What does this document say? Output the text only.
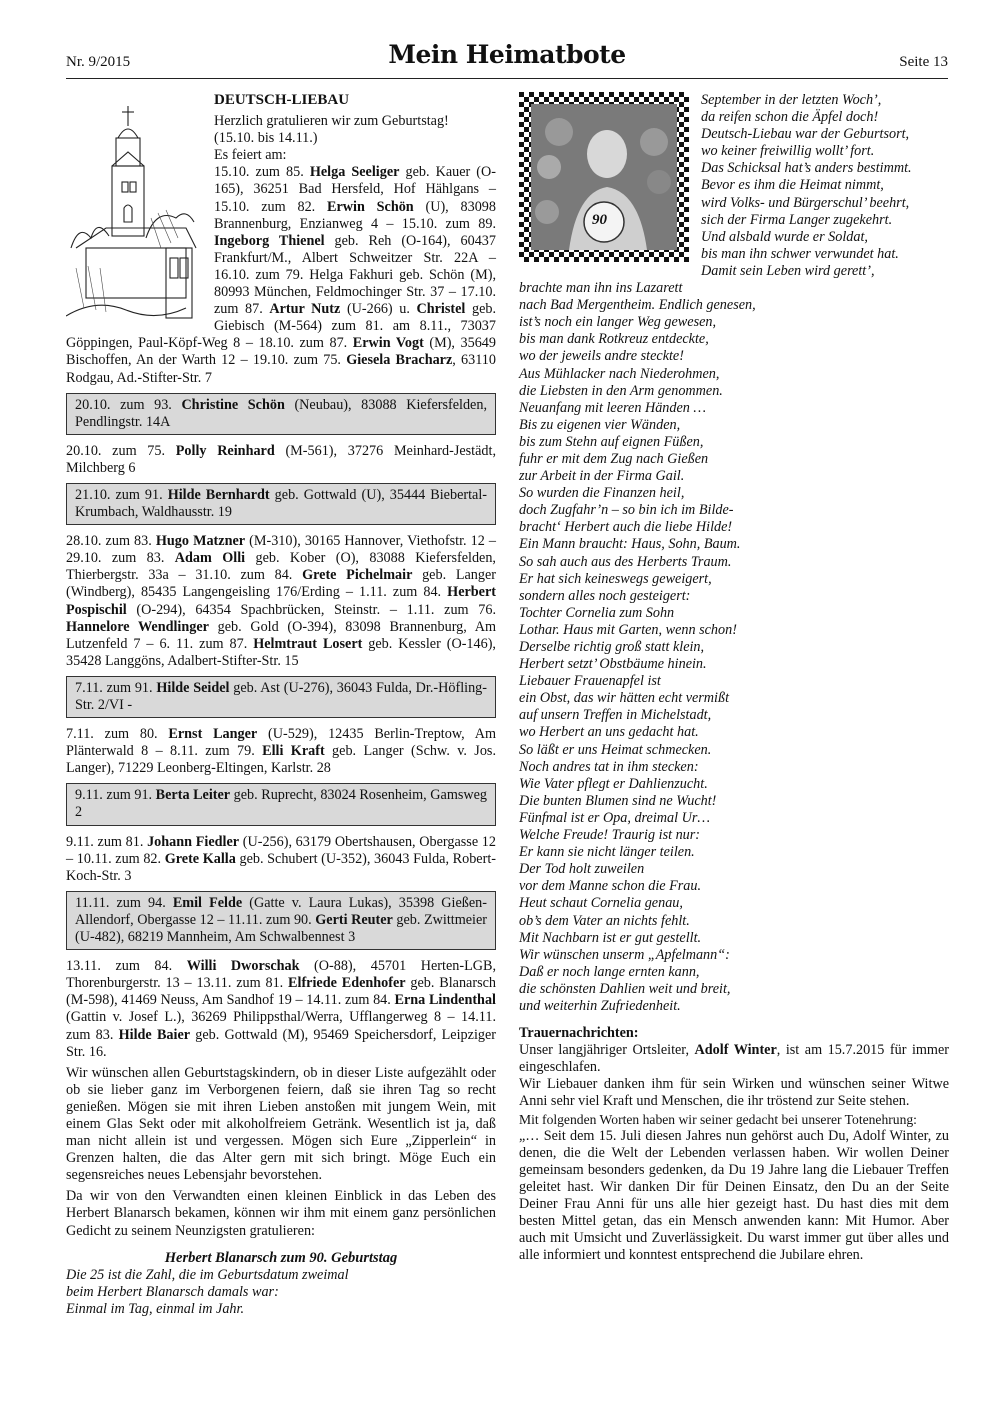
Nr. 9/2015	Mein Heimatbote	Seite 13
DEUTSCH-LIEBAU
Herzlich gratulieren wir zum Geburtstag!
(15.10. bis 14.11.)
Es feiert am:
15.10. zum 85. Helga Seeliger geb. Kauer (O-165), 36251 Bad Hersfeld, Hof Hählgans – 15.10. zum 82. Erwin Schön (U), 83098 Brannenburg, Enzianweg 4 – 15.10. zum 89. Ingeborg Thienel geb. Reh (O-164), 60437 Frankfurt/M., Albert Schweitzer Str. 22A – 16.10. zum 79. Helga Fakhuri geb. Schön (M), 80993 München, Feldmochinger Str. 37 – 17.10. zum 87. Artur Nutz (U-266) u. Christel geb. Giebisch (M-564) zum 81. am 8.11., 73037 Göppingen, Paul-Köpf-Weg 8 – 18.10. zum 87. Erwin Vogt (M), 35649 Bischoffen, An der Warth 12 – 19.10. zum 75. Giesela Bracharz, 63110 Rodgau, Ad.-Stifter-Str. 7
20.10. zum 93. Christine Schön (Neubau), 83088 Kiefersfelden, Pendlingstr. 14A
20.10. zum 75. Polly Reinhard (M-561), 37276 Meinhard-Jestädt, Milchberg 6
21.10. zum 91. Hilde Bernhardt geb. Gottwald (U), 35444 Biebertal-Krumbach, Waldhausstr. 19
28.10. zum 83. Hugo Matzner (M-310), 30165 Hannover, Viethofstr. 12 – 29.10. zum 83. Adam Olli geb. Kober (O), 83088 Kiefersfelden, Thierbergstr. 33a – 31.10. zum 84. Grete Pichelmair geb. Langer (Windberg), 85435 Langengeisling 176/Erding – 1.11. zum 84. Herbert Pospischil (O-294), 64354 Spachbrücken, Steinstr. – 1.11. zum 76. Hannelore Wendlinger geb. Gold (O-394), 83098 Brannenburg, Am Lutzenfeld 7 – 6. 11. zum 87. Helmtraut Losert geb. Kessler (O-146), 35428 Langgöns, Adalbert-Stifter-Str. 15
7.11. zum 91. Hilde Seidel geb. Ast (U-276), 36043 Fulda, Dr.-Höfling-Str. 2/VI -
7.11. zum 80. Ernst Langer (U-529), 12435 Berlin-Treptow, Am Plänterwald 8 – 8.11. zum 79. Elli Kraft geb. Langer (Schw. v. Jos. Langer), 71229 Leonberg-Eltingen, Karlstr. 28
9.11. zum 91. Berta Leiter geb. Ruprecht, 83024 Rosenheim, Gamsweg 2
9.11. zum 81. Johann Fiedler (U-256), 63179 Obertshausen, Obergasse 12 – 10.11. zum 82. Grete Kalla geb. Schubert (U-352), 36043 Fulda, Robert-Koch-Str. 3
11.11. zum 94. Emil Felde (Gatte v. Laura Lukas), 35398 Gießen-Allendorf, Obergasse 12 – 11.11. zum 90. Gerti Reuter geb. Zwittmeier (U-482), 68219 Mannheim, Am Schwalbennest 3
13.11. zum 84. Willi Dworschak (O-88), 45701 Herten-LGB, Thorenburgerstr. 13 – 13.11. zum 81. Elfriede Edenhofer geb. Blanarsch (M-598), 41469 Neuss, Am Sandhof 19 – 14.11. zum 84. Erna Lindenthal (Gattin v. Josef L.), 36269 Philippsthal/Werra, Ufflangerweg 8 – 14.11. zum 83. Hilde Baier geb. Gottwald (M), 95469 Speichersdorf, Leipziger Str. 16.
Wir wünschen allen Geburtstagskindern, ob in dieser Liste aufgezählt oder ob sie lieber ganz im Verborgenen feiern, daß sie ihren Tag so recht genießen. Mögen sie mit ihren Lieben anstoßen mit jungem Wein, mit einem Glas Sekt oder mit alkoholfreiem Getränk. Wesentlich ist ja, daß man nicht allein ist und vergessen. Mögen sich Eure „Zipperlein“ in Grenzen halten, die das Alter gern mit sich bringt. Möge Euch ein segensreiches neues Lebensjahr bevorstehen.
Da wir von den Verwandten einen kleinen Einblick in das Leben des Herbert Blanarsch bekamen, können wir ihm mit einem ganz persönlichen Gedicht zu seinem Neunzigsten gratulieren:
Herbert Blanarsch zum 90. Geburtstag
Die 25 ist die Zahl, die im Geburtsdatum zweimal
beim Herbert Blanarsch damals war:
Einmal im Tag, einmal im Jahr.
90
September in der letzten Woch’,
da reifen schon die Äpfel doch!
Deutsch-Liebau war der Geburtsort,
wo keiner freiwillig wollt’ fort.
Das Schicksal hat’s anders bestimmt.
Bevor es ihm die Heimat nimmt,
wird Volks- und Bürgerschul’ beehrt,
sich der Firma Langer zugekehrt.
Und alsbald wurde er Soldat,
bis man ihn schwer verwundet hat.
Damit sein Leben wird gerett’,
brachte man ihn ins Lazarett
nach Bad Mergentheim. Endlich genesen,
ist’s noch ein langer Weg gewesen,
bis man dank Rotkreuz entdeckte,
wo der jeweils andre steckte!
Aus Mühlacker nach Niederohmen,
die Liebsten in den Arm genommen.
Neuanfang mit leeren Händen …
Bis zu eigenen vier Wänden,
bis zum Stehn auf eignen Füßen,
fuhr er mit dem Zug nach Gießen
zur Arbeit in der Firma Gail.
So wurden die Finanzen heil,
doch Zugfahr’n – so bin ich im Bilde-
bracht‘ Herbert auch die liebe Hilde!
Ein Mann braucht: Haus, Sohn, Baum.
So sah auch aus des Herberts Traum.
Er hat sich keineswegs geweigert,
sondern alles noch gesteigert:
Tochter Cornelia zum Sohn
Lothar. Haus mit Garten, wenn schon!
Derselbe richtig groß statt klein,
Herbert setzt’ Obstbäume hinein.
Liebauer Frauenapfel ist
ein Obst, das wir hätten echt vermißt
auf unsern Treffen in Michelstadt,
wo Herbert an uns gedacht hat.
So läßt er uns Heimat schmecken.
Noch andres tat in ihm stecken:
Wie Vater pflegt er Dahlienzucht.
Die bunten Blumen sind ne Wucht!
Fünfmal ist er Opa, dreimal Ur…
Welche Freude! Traurig ist nur:
Er kann sie nicht länger teilen.
Der Tod holt zuweilen
vor dem Manne schon die Frau.
Heut schaut Cornelia genau,
ob’s dem Vater an nichts fehlt.
Mit Nachbarn ist er gut gestellt.
Wir wünschen unserm „Apfelmann“:
Daß er noch lange ernten kann,
die schönsten Dahlien weit und breit,
und weiterhin Zufriedenheit.
Trauernachrichten:

Unser langjähriger Ortsleiter, Adolf Winter, ist am 15.7.2015 für immer eingeschlafen.

Wir Liebauer danken ihm für sein Wirken und wünschen seiner Witwe Anni sehr viel Kraft und Menschen, die ihr tröstend zur Seite stehen.

Mit folgenden Worten haben wir seiner gedacht bei unserer Totenehrung:

„… Seit dem 15. Juli diesen Jahres nun gehörst auch Du, Adolf Winter, zu denen, die die Welt der Lebenden verlassen haben. Wir wollen Deiner gemeinsam besonders gedenken, da Du 19 Jahre lang die Liebauer Treffen geleitet hast. Wir danken Dir für Deinen Einsatz, den Du an der Seite Deiner Frau Anni für uns alle hier gezeigt hast. Du hast dies mit dem besten Mittel getan, das ein Mensch anwenden kann: Mit Humor. Aber auch mit Umsicht und Zuverlässigkeit. Du warst immer gut über alles und alle informiert und konntest entsprechend die Jubilare ehren.
